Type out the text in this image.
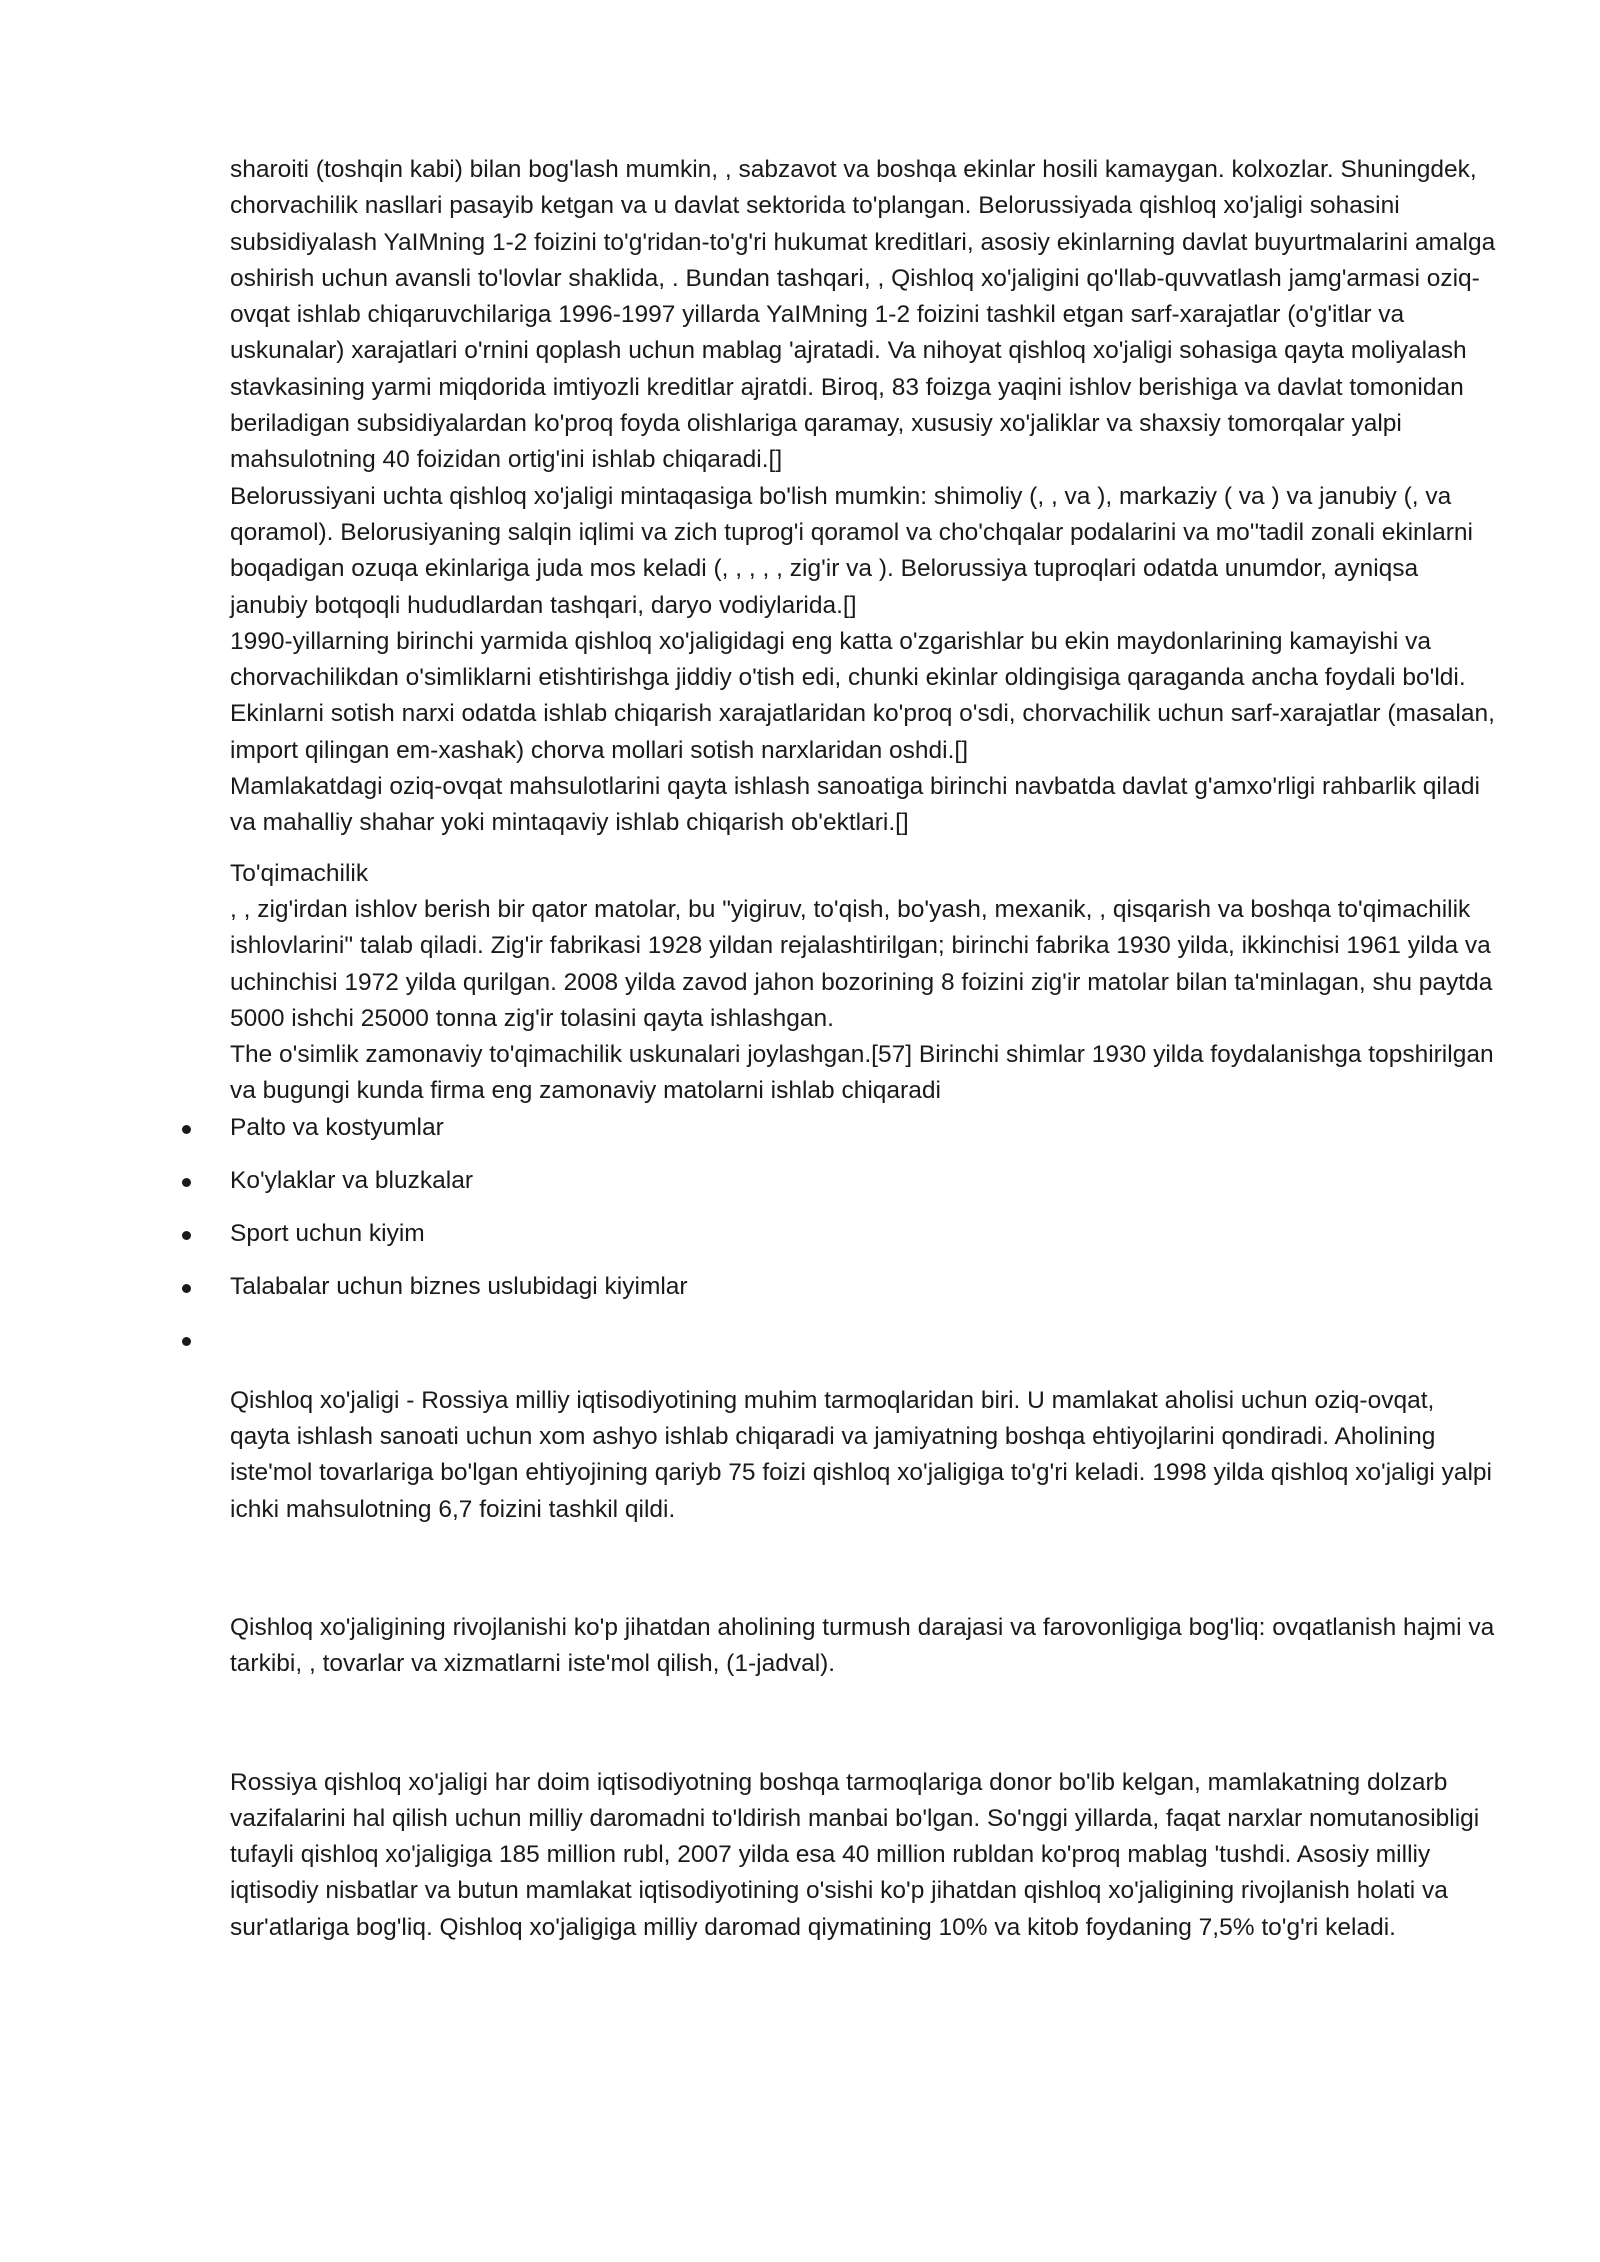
sharoiti (toshqin kabi) bilan bog'lash mumkin, , sabzavot va boshqa ekinlar hosili kamaygan. kolxozlar. Shuningdek, chorvachilik nasllari pasayib ketgan va u davlat sektorida to'plangan. Belorussiyada qishloq xo'jaligi sohasini subsidiyalash YaIMning 1-2 foizini to'g'ridan-to'g'ri hukumat kreditlari, asosiy ekinlarning davlat buyurtmalarini amalga oshirish uchun avansli to'lovlar shaklida, . Bundan tashqari, , Qishloq xo'jaligini qo'llab-quvvatlash jamg'armasi oziq-ovqat ishlab chiqaruvchilariga 1996-1997 yillarda YaIMning 1-2 foizini tashkil etgan sarf-xarajatlar (o'g'itlar va uskunalar) xarajatlari o'rnini qoplash uchun mablag 'ajratadi. Va nihoyat qishloq xo'jaligi sohasiga qayta moliyalash stavkasining yarmi miqdorida imtiyozli kreditlar ajratdi. Biroq, 83 foizga yaqini ishlov berishiga va davlat tomonidan beriladigan subsidiyalardan ko'proq foyda olishlariga qaramay, xususiy xo'jaliklar va shaxsiy tomorqalar yalpi mahsulotning 40 foizidan ortig'ini ishlab chiqaradi.[]

Belorussiyani uchta qishloq xo'jaligi mintaqasiga bo'lish mumkin: shimoliy (, , va ), markaziy ( va ) va janubiy (, va qoramol). Belorusiyaning salqin iqlimi va zich tuprog'i qoramol va cho'chqalar podalarini va mo''tadil zonali ekinlarni boqadigan ozuqa ekinlariga juda mos keladi (, , , , , zig'ir va ). Belorussiya tuproqlari odatda unumdor, ayniqsa janubiy botqoqli hududlardan tashqari, daryo vodiylarida.[]

1990-yillarning birinchi yarmida qishloq xo'jaligidagi eng katta o'zgarishlar bu ekin maydonlarining kamayishi va chorvachilikdan o'simliklarni etishtirishga jiddiy o'tish edi, chunki ekinlar oldingisiga qaraganda ancha foydali bo'ldi. Ekinlarni sotish narxi odatda ishlab chiqarish xarajatlaridan ko'proq o'sdi, chorvachilik uchun sarf-xarajatlar (masalan, import qilingan em-xashak) chorva mollari sotish narxlaridan oshdi.[]

Mamlakatdagi oziq-ovqat mahsulotlarini qayta ishlash sanoatiga birinchi navbatda davlat g'amxo'rligi rahbarlik qiladi va mahalliy shahar yoki mintaqaviy ishlab chiqarish ob'ektlari.[]

To'qimachilik

, , zig'irdan ishlov berish bir qator matolar, bu "yigiruv, to'qish, bo'yash, mexanik, , qisqarish va boshqa to'qimachilik ishlovlarini" talab qiladi. Zig'ir fabrikasi 1928 yildan rejalashtirilgan; birinchi fabrika 1930 yilda, ikkinchisi 1961 yilda va uchinchisi 1972 yilda qurilgan. 2008 yilda zavod jahon bozorining 8 foizini zig'ir matolar bilan ta'minlagan, shu paytda 5000 ishchi 25000 tonna zig'ir tolasini qayta ishlashgan.

The o'simlik zamonaviy to'qimachilik uskunalari joylashgan.[57] Birinchi shimlar 1930 yilda foydalanishga topshirilgan va bugungi kunda firma eng zamonaviy matolarni ishlab chiqaradi

Palto va kostyumlar
Ko'ylaklar va bluzkalar
Sport uchun kiyim
Talabalar uchun biznes uslubidagi kiyimlar

Qishloq xo'jaligi - Rossiya milliy iqtisodiyotining muhim tarmoqlaridan biri. U mamlakat aholisi uchun oziq-ovqat, qayta ishlash sanoati uchun xom ashyo ishlab chiqaradi va jamiyatning boshqa ehtiyojlarini qondiradi. Aholining iste'mol tovarlariga bo'lgan ehtiyojining qariyb 75 foizi qishloq xo'jaligiga to'g'ri keladi. 1998 yilda qishloq xo'jaligi yalpi ichki mahsulotning 6,7 foizini tashkil qildi.

Qishloq xo'jaligining rivojlanishi ko'p jihatdan aholining turmush darajasi va farovonligiga bog'liq: ovqatlanish hajmi va tarkibi, , tovarlar va xizmatlarni iste'mol qilish, (1-jadval).

Rossiya qishloq xo'jaligi har doim iqtisodiyotning boshqa tarmoqlariga donor bo'lib kelgan, mamlakatning dolzarb vazifalarini hal qilish uchun milliy daromadni to'ldirish manbai bo'lgan. So'nggi yillarda, faqat narxlar nomutanosibligi tufayli qishloq xo'jaligiga 185 million rubl, 2007 yilda esa 40 million rubldan ko'proq mablag 'tushdi. Asosiy milliy iqtisodiy nisbatlar va butun mamlakat iqtisodiyotining o'sishi ko'p jihatdan qishloq xo'jaligining rivojlanish holati va sur'atlariga bog'liq. Qishloq xo'jaligiga milliy daromad qiymatining 10% va kitob foydaning 7,5% to'g'ri keladi.
